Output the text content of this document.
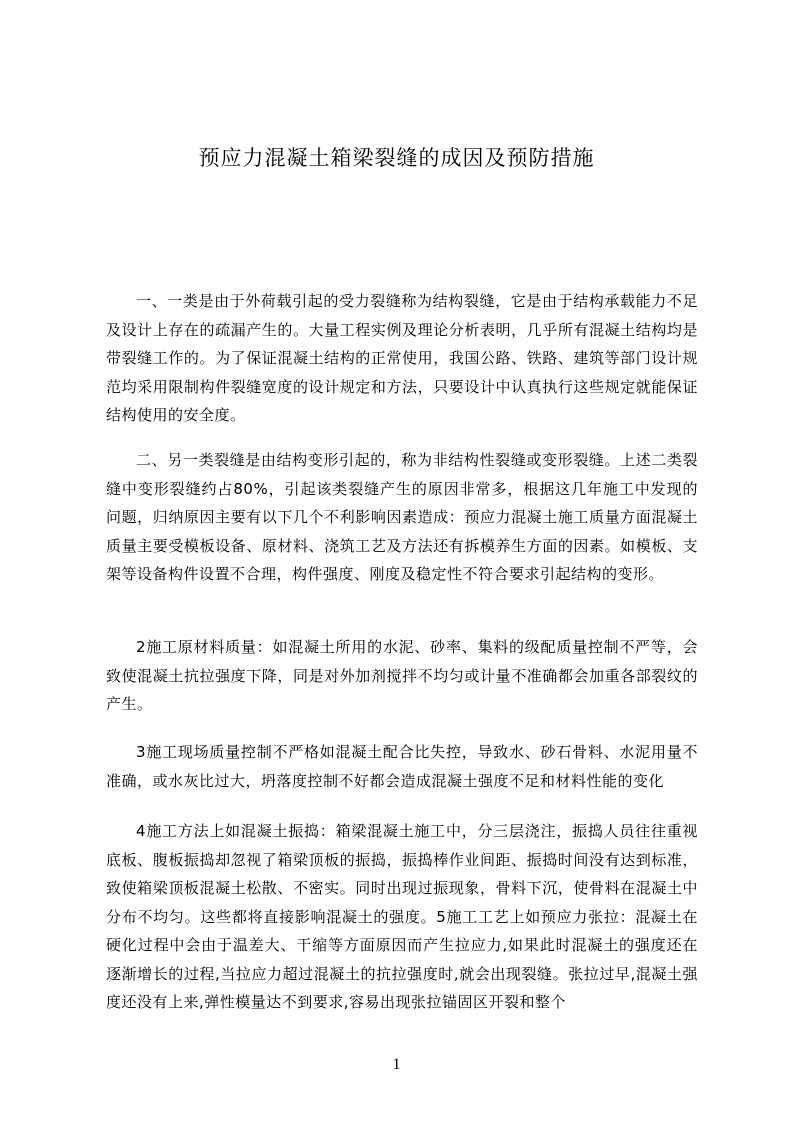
预应力混凝土箱梁裂缝的成因及预防措施

一、一类是由于外荷载引起的受力裂缝称为结构裂缝，它是由于结构承载能力不足及设计上存在的疏漏产生的。大量工程实例及理论分析表明，几乎所有混凝土结构均是带裂缝工作的。为了保证混凝土结构的正常使用，我国公路、铁路、建筑等部门设计规范均采用限制构件裂缝宽度的设计规定和方法，只要设计中认真执行这些规定就能保证结构使用的安全度。

二、另一类裂缝是由结构变形引起的，称为非结构性裂缝或变形裂缝。上述二类裂缝中变形裂缝约占80%，引起该类裂缝产生的原因非常多，根据这几年施工中发现的问题，归纳原因主要有以下几个不利影响因素造成：预应力混凝土施工质量方面混凝土质量主要受模板设备、原材料、浇筑工艺及方法还有拆模养生方面的因素。如模板、支架等设备构件设置不合理，构件强度、刚度及稳定性不符合要求引起结构的变形。

2施工原材料质量：如混凝土所用的水泥、砂率、集料的级配质量控制不严等，会致使混凝土抗拉强度下降，同是对外加剂搅拌不均匀或计量不准确都会加重各部裂纹的产生。

3施工现场质量控制不严格如混凝土配合比失控，导致水、砂石骨料、水泥用量不准确，或水灰比过大，坍落度控制不好都会造成混凝土强度不足和材料性能的变化

4施工方法上如混凝土振捣：箱梁混凝土施工中，分三层浇注，振捣人员往往重视底板、腹板振捣却忽视了箱梁顶板的振捣，振捣棒作业间距、振捣时间没有达到标准，致使箱梁顶板混凝土松散、不密实。同时出现过振现象，骨料下沉，使骨料在混凝土中分布不均匀。这些都将直接影响混凝土的强度。5施工工艺上如预应力张拉：混凝土在硬化过程中会由于温差大、干缩等方面原因而产生拉应力,如果此时混凝土的强度还在逐渐增长的过程,当拉应力超过混凝土的抗拉强度时,就会出现裂缝。张拉过早,混凝土强度还没有上来,弹性模量达不到要求,容易出现张拉锚固区开裂和整个

1
